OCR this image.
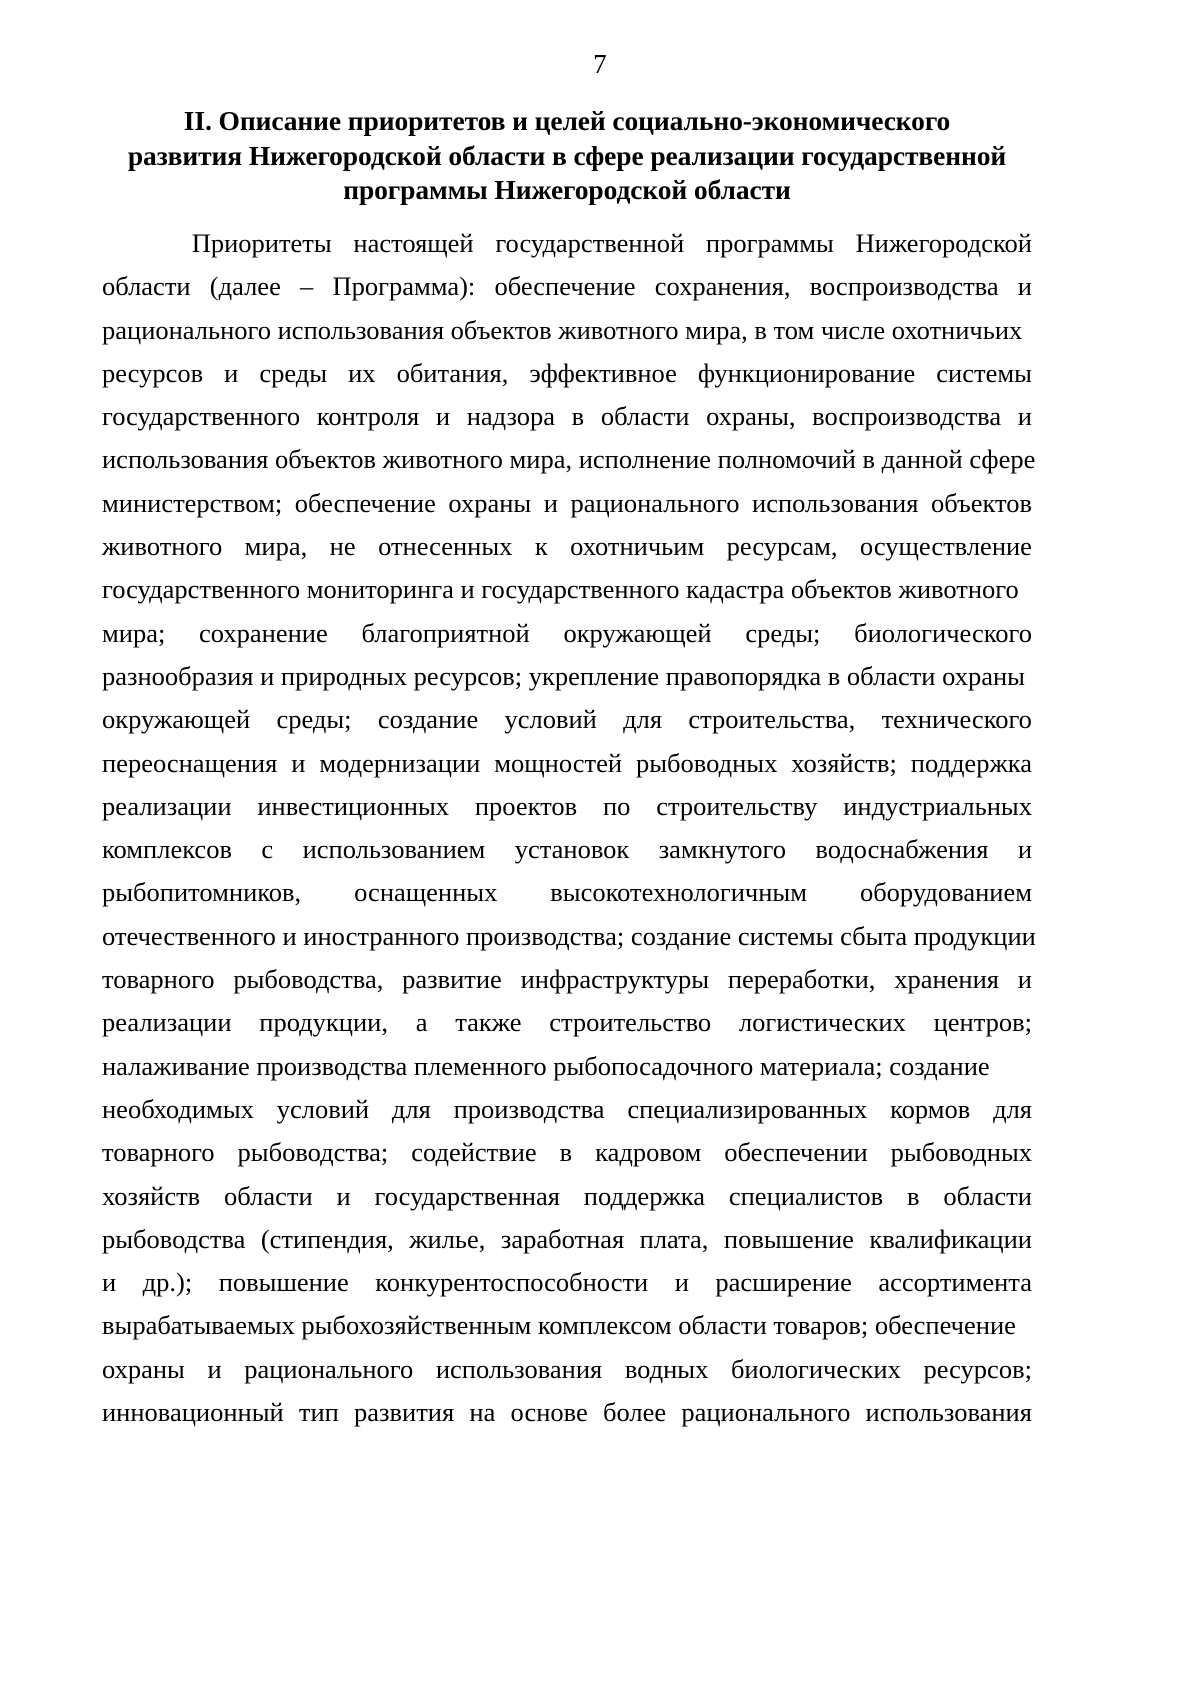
7
II. Описание приоритетов и целей социально-экономического
развития Нижегородской области в сфере реализации государственной
программы Нижегородской области
Приоритеты настоящей государственной программы Нижегородской
области (далее – Программа): обеспечение сохранения, воспроизводства и
рационального использования объектов животного мира, в том числе охотничьих
ресурсов и среды их обитания, эффективное функционирование системы
государственного контроля и надзора в области охраны, воспроизводства и
использования объектов животного мира, исполнение полномочий в данной сфере
министерством; обеспечение охраны и рационального использования объектов
животного мира, не отнесенных к охотничьим ресурсам, осуществление
государственного мониторинга и государственного кадастра объектов животного
мира; сохранение благоприятной окружающей среды; биологического
разнообразия и природных ресурсов; укрепление правопорядка в области охраны
окружающей среды; создание условий для строительства, технического
переоснащения и модернизации мощностей рыбоводных хозяйств; поддержка
реализации инвестиционных проектов по строительству индустриальных
комплексов с использованием установок замкнутого водоснабжения и
рыбопитомников, оснащенных высокотехнологичным оборудованием
отечественного и иностранного производства; создание системы сбыта продукции
товарного рыбоводства, развитие инфраструктуры переработки, хранения и
реализации продукции, а также строительство логистических центров;
налаживание производства племенного рыбопосадочного материала; создание
необходимых условий для производства специализированных кормов для
товарного рыбоводства; содействие в кадровом обеспечении рыбоводных
хозяйств области и государственная поддержка специалистов в области
рыбоводства (стипендия, жилье, заработная плата, повышение квалификации
и др.); повышение конкурентоспособности и расширение ассортимента
вырабатываемых рыбохозяйственным комплексом области товаров; обеспечение
охраны и рационального использования водных биологических ресурсов;
инновационный тип развития на основе более рационального использования
